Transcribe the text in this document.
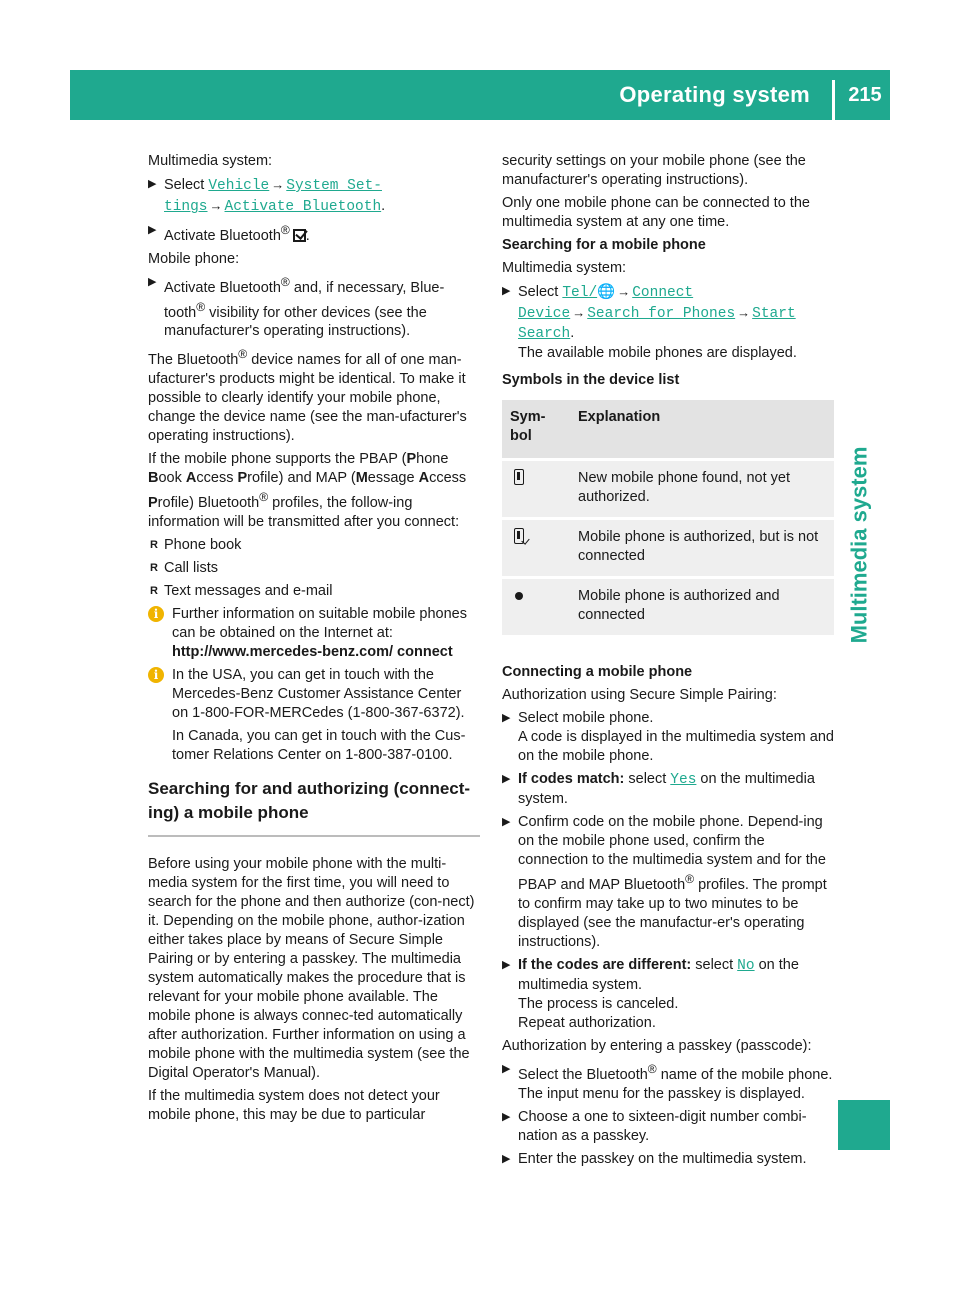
Operating system	215
Multimedia system

Multimedia system:

▶ Select Vehicle → System Set‐
tings → Activate Bluetooth.
▶ Activate Bluetooth® .

Mobile phone:

▶ Activate Bluetooth® and, if necessary, Blue- tooth® visibility for other devices (see the manufacturer's operating instructions).

The Bluetooth® device names for all of one man-ufacturer's products might be identical. To make it possible to clearly identify your mobile phone, change the device name (see the man-ufacturer's operating instructions).

If the mobile phone supports the PBAP (Phone Book Access Profile) and MAP (Message Access Profile) Bluetooth® profiles, the follow-ing information will be transmitted after you connect:

R Phone book
R Call lists
R Text messages and e-mail
i Further information on suitable mobile phones can be obtained on the Internet at:
http://www.mercedes-benz.com/ connect
i In the USA, you can get in touch with the Mercedes-Benz Customer Assistance Center on 1-800-FOR-MERCedes (1-800-367-6372).

In Canada, you can get in touch with the Cus-tomer Relations Center on 1-800-387-0100.

Searching for and authorizing (connect-ing) a mobile phone

Before using your mobile phone with the multi-media system for the first time, you will need to search for the phone and then authorize (con-nect) it. Depending on the mobile phone, author-ization either takes place by means of Secure Simple Pairing or by entering a passkey. The multimedia system automatically makes the procedure that is relevant for your mobile phone available. The mobile phone is always connec-ted automatically after authorization. Further information on using a mobile phone with the multimedia system (see the Digital Operator's Manual).

If the multimedia system does not detect your mobile phone, this may be due to particular

security settings on your mobile phone (see the manufacturer's operating instructions).

Only one mobile phone can be connected to the multimedia system at any one time.

Searching for a mobile phone

Multimedia system:

▶ Select Tel/🌐 → Connect
Device → Search for Phones → Start
Search.
The available mobile phones are displayed.
Symbols in the device list
Sym-bol	Explanation
	New mobile phone found, not yet authorized.
	Mobile phone is authorized, but is not connected
	Mobile phone is authorized and connected
Connecting a mobile phone

Authorization using Secure Simple Pairing:

▶ Select mobile phone.
A code is displayed in the multimedia system and on the mobile phone.
▶ If codes match: select Yes on the multimedia system.
▶ Confirm code on the mobile phone. Depend-ing on the mobile phone used, confirm the connection to the multimedia system and for the PBAP and MAP Bluetooth® profiles. The prompt to confirm may take up to two minutes to be displayed (see the manufactur-er's operating instructions).
▶ If the codes are different: select No on the multimedia system.
The process is canceled.
Repeat authorization.

Authorization by entering a passkey (passcode):

▶ Select the Bluetooth® name of the mobile phone.
The input menu for the passkey is displayed.
▶ Choose a one to sixteen-digit number combi-nation as a passkey.
▶ Enter the passkey on the multimedia system.
